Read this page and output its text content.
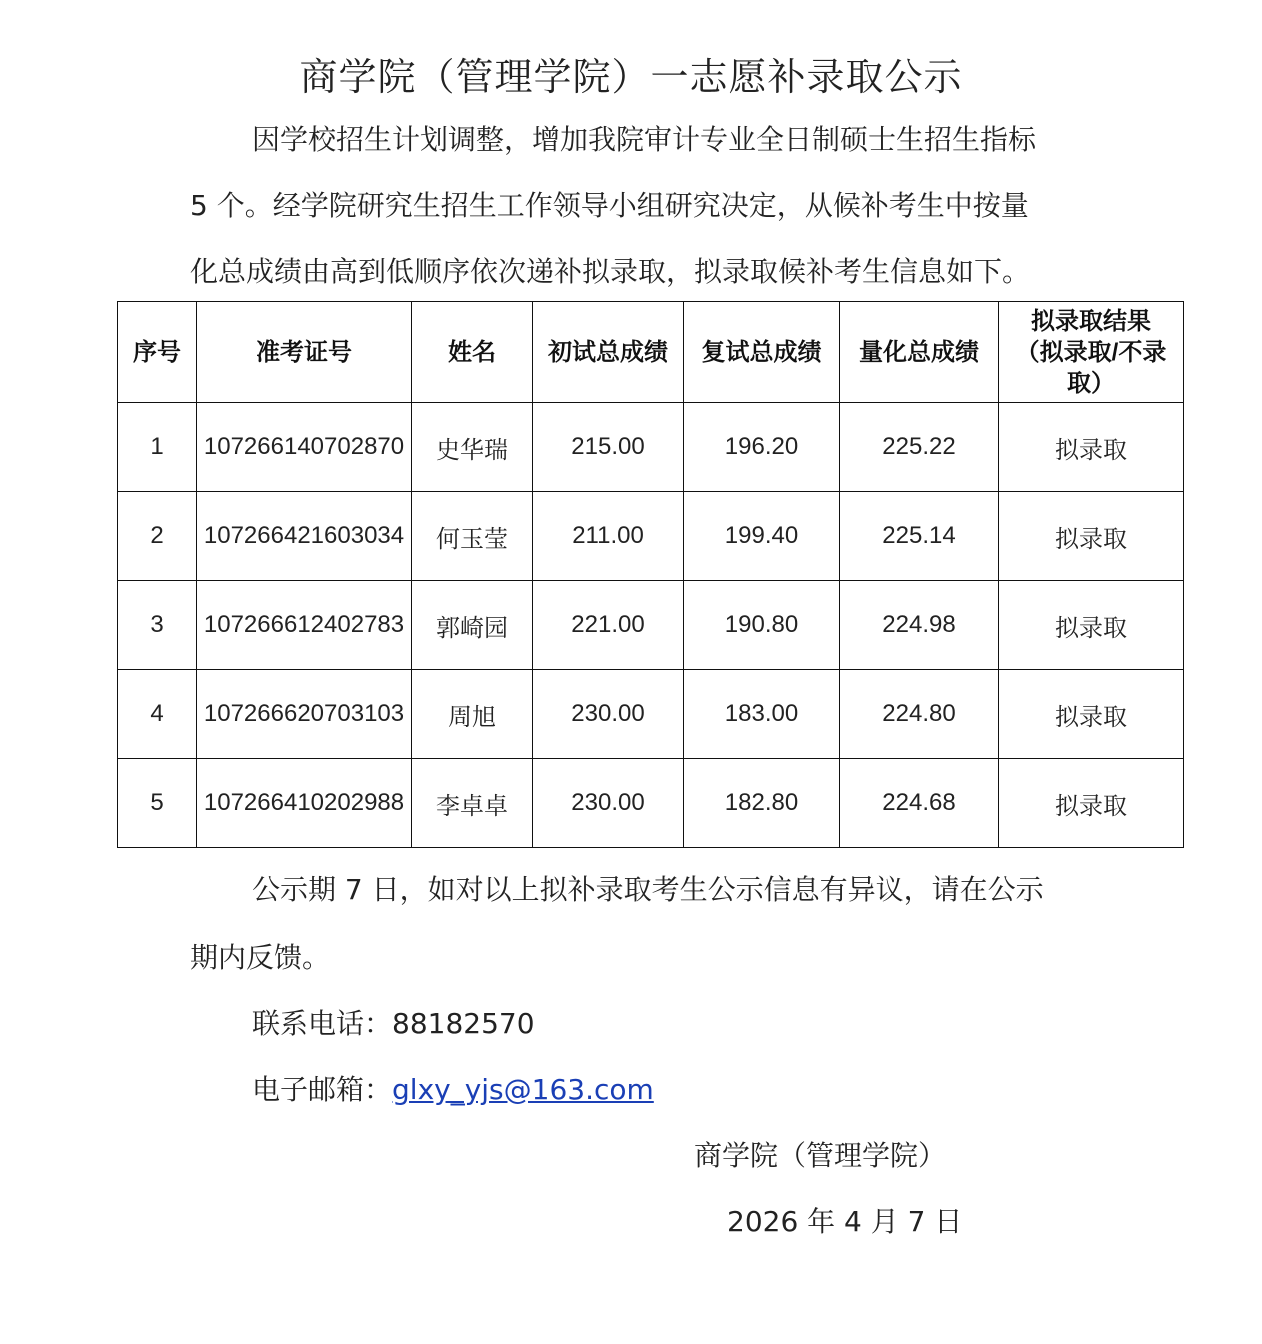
商学院（管理学院）一志愿补录取公示
因学校招生计划调整，增加我院审计专业全日制硕士生招生指标
5 个。经学院研究生招生工作领导小组研究决定，从候补考生中按量
化总成绩由高到低顺序依次递补拟录取，拟录取候补考生信息如下。
序号	准考证号	姓名	初试总成绩	复试总成绩	量化总成绩	拟录取结果（拟录取/不录取）
1	107266140702870	史华瑞	215.00	196.20	225.22	拟录取
2	107266421603034	何玉莹	211.00	199.40	225.14	拟录取
3	107266612402783	郭崎园	221.00	190.80	224.98	拟录取
4	107266620703103	周旭	230.00	183.00	224.80	拟录取
5	107266410202988	李卓卓	230.00	182.80	224.68	拟录取
公示期 7 日，如对以上拟补录取考生公示信息有异议，请在公示
期内反馈。
联系电话：88182570
电子邮箱：glxy_yjs@163.com
商学院（管理学院）
2026 年 4 月 7 日
